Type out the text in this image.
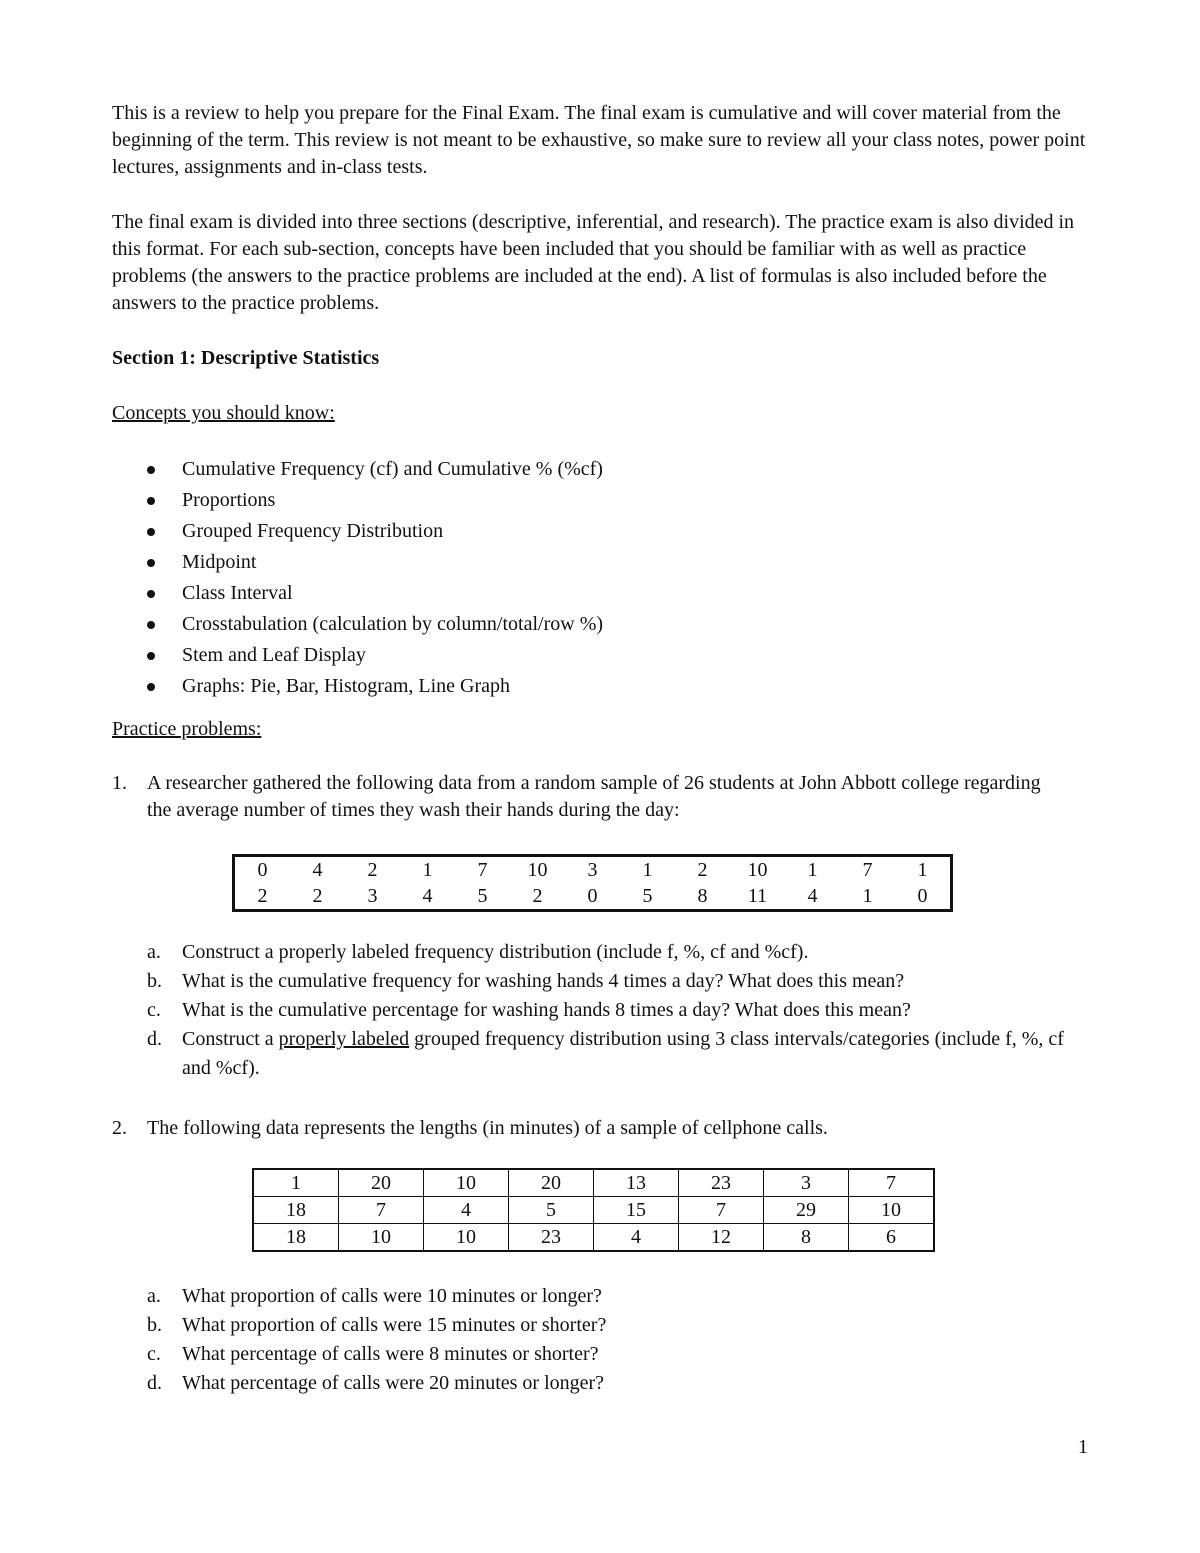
This is a review to help you prepare for the Final Exam. The final exam is cumulative and will cover material from the beginning of the term. This review is not meant to be exhaustive, so make sure to review all your class notes, power point lectures, assignments and in-class tests.

The final exam is divided into three sections (descriptive, inferential, and research). The practice exam is also divided in this format. For each sub-section, concepts have been included that you should be familiar with as well as practice problems (the answers to the practice problems are included at the end). A list of formulas is also included before the answers to the practice problems.

Section 1: Descriptive Statistics
Concepts you should know:
Cumulative Frequency (cf) and Cumulative % (%cf)
Proportions
Grouped Frequency Distribution
Midpoint
Class Interval
Crosstabulation (calculation by column/total/row %)
Stem and Leaf Display
Graphs: Pie, Bar, Histogram, Line Graph
Practice problems:
1. A researcher gathered the following data from a random sample of 26 students at John Abbott college regarding the average number of times they wash their hands during the day:

0	4	2	1	7	10	3	1	2	10	1	7	1
2	2	3	4	5	2	0	5	8	11	4	1	0
a. Construct a properly labeled frequency distribution (include f, %, cf and %cf).
b. What is the cumulative frequency for washing hands 4 times a day? What does this mean?
c. What is the cumulative percentage for washing hands 8 times a day? What does this mean?
d. Construct a properly labeled grouped frequency distribution using 3 class intervals/categories (include f, %, cf and %cf).
2. The following data represents the lengths (in minutes) of a sample of cellphone calls.

1	20	10	20	13	23	3	7
18	7	4	5	15	7	29	10
18	10	10	23	4	12	8	6
a. What proportion of calls were 10 minutes or longer?
b. What proportion of calls were 15 minutes or shorter?
c. What percentage of calls were 8 minutes or shorter?
d. What percentage of calls were 20 minutes or longer?
1
